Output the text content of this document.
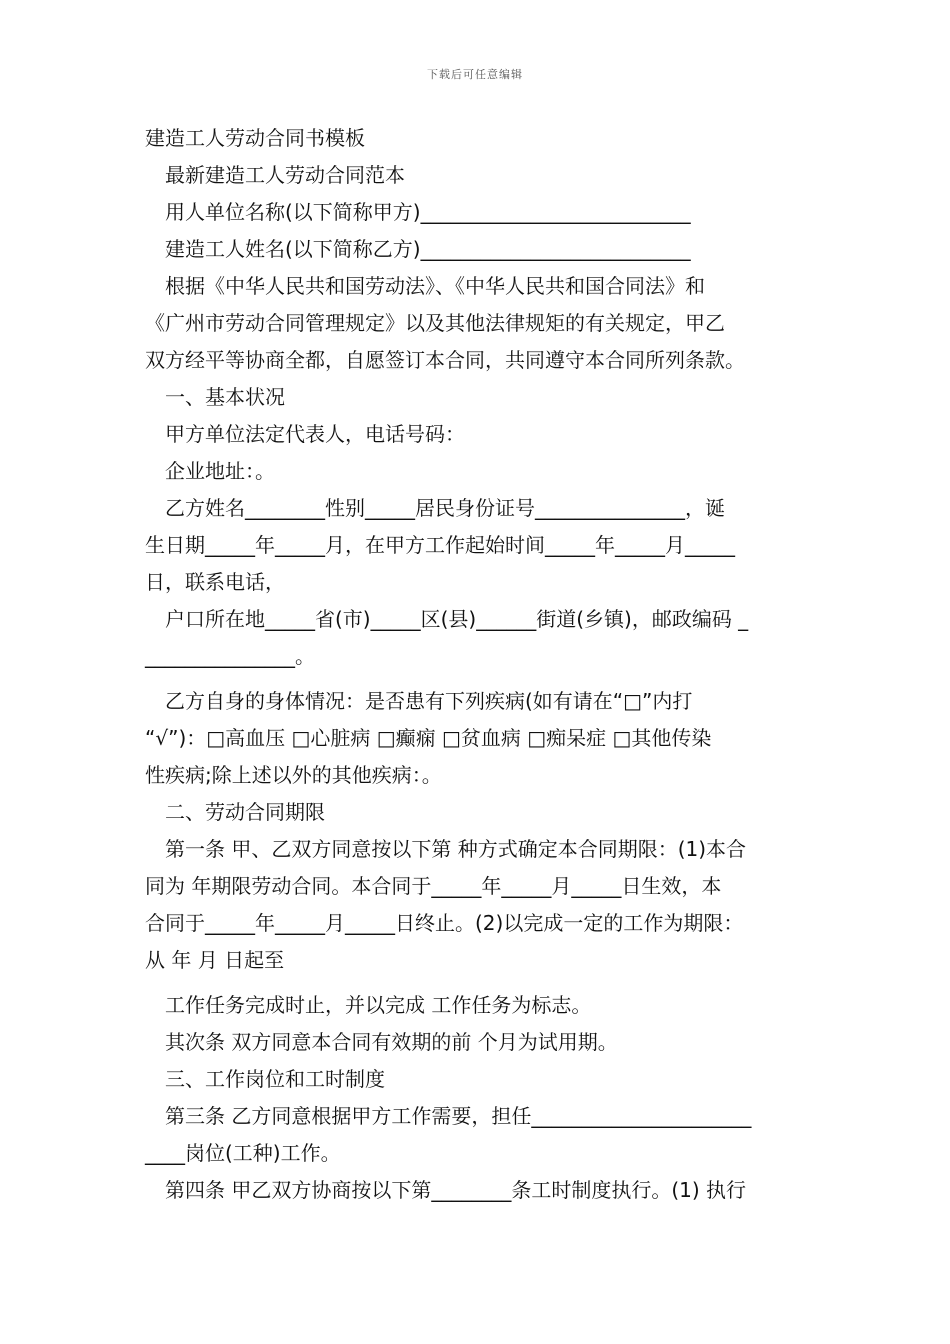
下载后可任意编辑

建造工人劳动合同书模板

最新建造工人劳动合同范本

用人单位名称(以下简称甲方)___________________________

建造工人姓名(以下简称乙方)___________________________

根据《中华人民共和国劳动法》、《中华人民共和国合同法》和

《广州市劳动合同管理规定》以及其他法律规矩的有关规定，甲乙

双方经平等协商全都，自愿签订本合同，共同遵守本合同所列条款。

一、基本状况

甲方单位法定代表人，电话号码：

企业地址：。

乙方姓名________性别_____居民身份证号_______________，诞

生日期_____年_____月，在甲方工作起始时间_____年_____月_____

日，联系电话，

户口所在地_____省(市)_____区(县)______街道(乡镇)，邮政编码 _

_______________。

乙方自身的身体情况：是否患有下列疾病(如有请在“□”内打

“√”)：□高血压 □心脏病 □癫痫 □贫血病 □痴呆症 □其他传染

性疾病;除上述以外的其他疾病：。

二、劳动合同期限

第一条 甲、乙双方同意按以下第 种方式确定本合同期限：(1)本合

同为 年期限劳动合同。本合同于_____年_____月_____日生效，本

合同于_____年_____月_____日终止。(2)以完成一定的工作为期限：

从 年 月 日起至

工作任务完成时止，并以完成 工作任务为标志。

其次条 双方同意本合同有效期的前 个月为试用期。

三、工作岗位和工时制度

第三条 乙方同意根据甲方工作需要，担任______________________

____岗位(工种)工作。

第四条 甲乙双方协商按以下第________条工时制度执行。(1) 执行
